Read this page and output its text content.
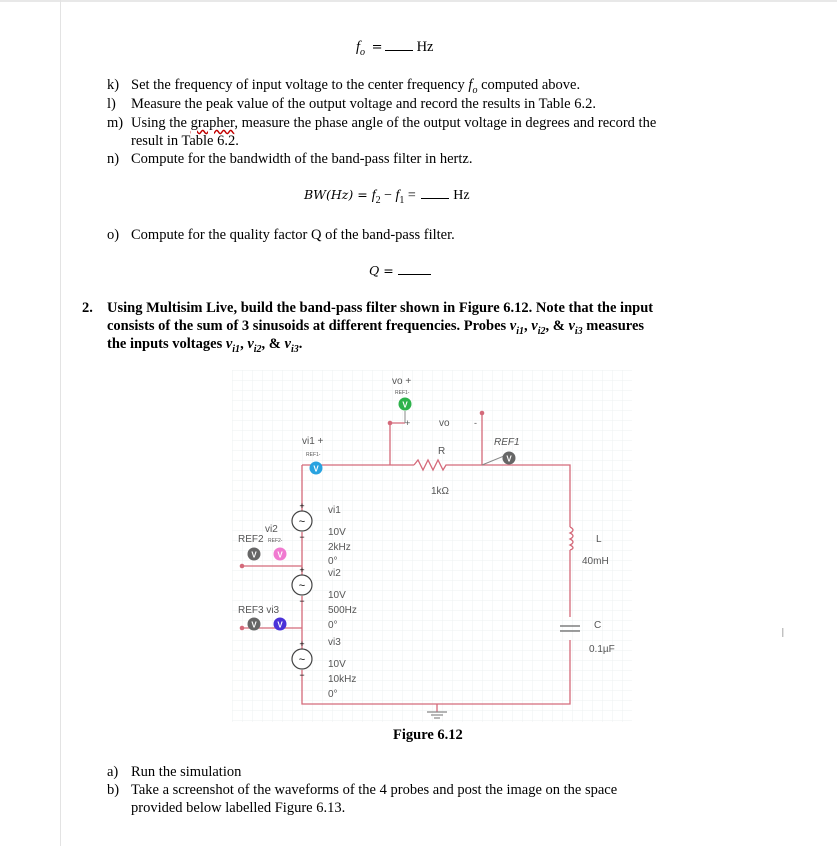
$f_o = Hz$
k) Set the frequency of input voltage to the center frequency $f_o$ computed above.
l)	Measure the peak value of the output voltage and record the results in Table 6.2.
m) Using the grapher, measure the phase angle of the output voltage in degrees and record the
result in Table 6.2.
n) Compute for the bandwidth of the band-pass filter in hertz.
$BW(Hz) = f_2 - f_1 = Hz$
o) Compute for the quality factor Q of the band-pass filter.
Q =
2. Using Multisim Live, build the band-pass filter shown in Figure 6.12. Note that the input
consists of the sum of 3 sinusoids at different frequencies. Probes $v_{i1}$, $v_{i2}$, & $v_{i3}$ measures
the inputs voltages $v_{i1}$, $v_{i2}$, & $v_{i3}$.
~
+
−
~
+
−
~
+
−
V
V
V
V	V
V	V
vo +
REF1-
+	vo	-
REF1
vi1 +
REF1-	R
1kΩ
vi1
10V
2kHz
0°
vi2
10V
500Hz
0°
vi3
10V
10kHz
0°
vi2
REF2 REF2-
REF3 vi3
L
40mH
C
0.1µF
Figure 6.12
a) Run the simulation
b) Take a screenshot of the waveforms of the 4 probes and post the image on the space
provided below labelled Figure 6.13.
I
